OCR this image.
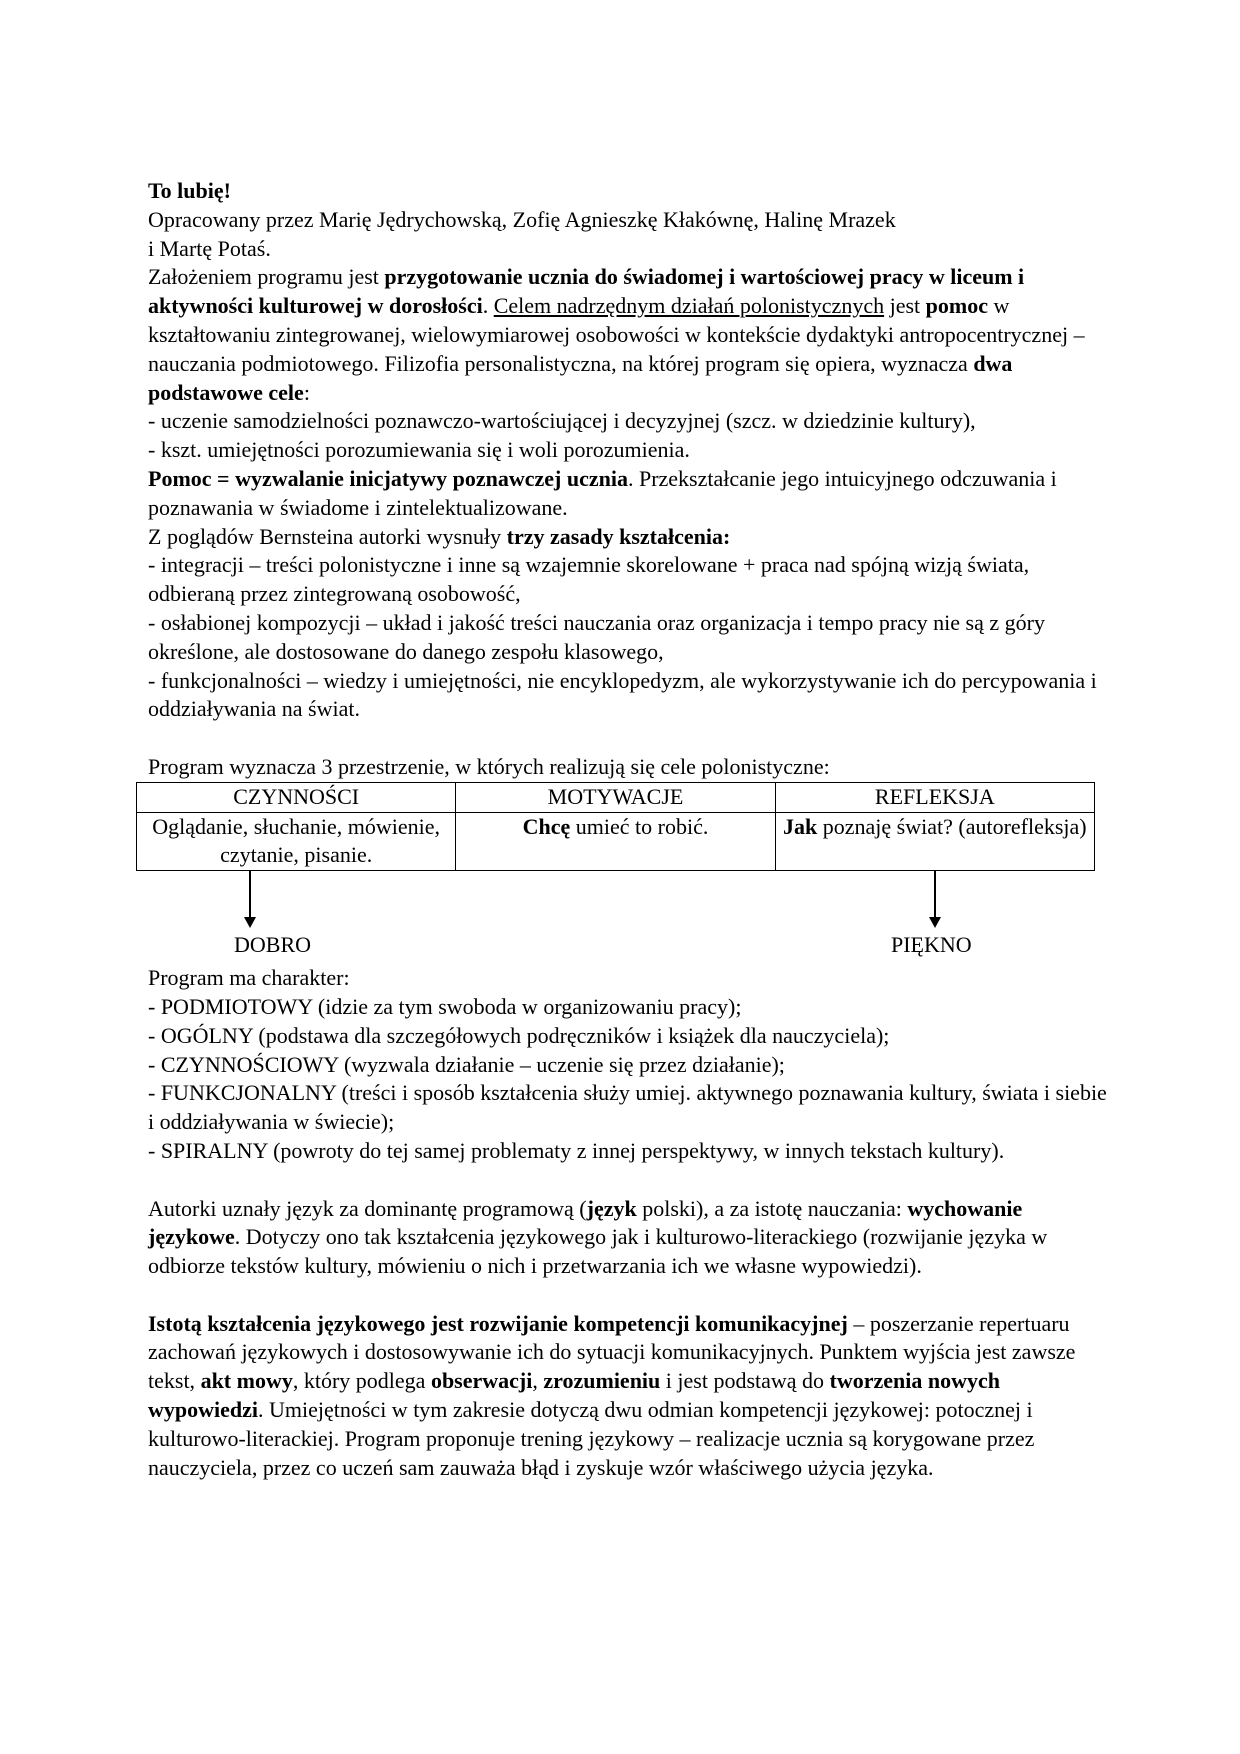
To lubię!

Opracowany przez Marię Jędrychowską, Zofię Agnieszkę Kłakównę, Halinę Mrazek

i Martę Potaś.

Założeniem programu jest przygotowanie ucznia do świadomej i wartościowej pracy w liceum i aktywności kulturowej w dorosłości. Celem nadrzędnym działań polonistycznych jest pomoc w kształtowaniu zintegrowanej, wielowymiarowej osobowości w kontekście dydaktyki antropocentrycznej – nauczania podmiotowego. Filizofia personalistyczna, na której program się opiera, wyznacza dwa podstawowe cele:

- uczenie samodzielności poznawczo-wartościującej i decyzyjnej (szcz. w dziedzinie kultury),

- kszt. umiejętności porozumiewania się i woli porozumienia.

Pomoc = wyzwalanie inicjatywy poznawczej ucznia. Przekształcanie jego intuicyjnego odczuwania i poznawania w świadome i zintelektualizowane.

Z poglądów Bernsteina autorki wysnuły trzy zasady kształcenia:

- integracji – treści polonistyczne i inne są wzajemnie skorelowane + praca nad spójną wizją świata, odbieraną przez zintegrowaną osobowość,

- osłabionej kompozycji – układ i jakość treści nauczania oraz organizacja i tempo pracy nie są z góry określone, ale dostosowane do danego zespołu klasowego,

- funkcjonalności – wiedzy i umiejętności, nie encyklopedyzm, ale wykorzystywanie ich do percypowania i oddziaływania na świat.

Program wyznacza 3 przestrzenie, w których realizują się cele polonistyczne:

CZYNNOŚCI	MOTYWACJE	REFLEKSJA
Oglądanie, słuchanie, mówienie, czytanie, pisanie.	Chcę umieć to robić.	Jak poznaję świat? (autorefleksja)
DOBRO	PIĘKNO

Program ma charakter:

- PODMIOTOWY (idzie za tym swoboda w organizowaniu pracy);

- OGÓLNY (podstawa dla szczegółowych podręczników i książek dla nauczyciela);

- CZYNNOŚCIOWY (wyzwala działanie – uczenie się przez działanie);

- FUNKCJONALNY (treści i sposób kształcenia służy umiej. aktywnego poznawania kultury, świata i siebie i oddziaływania w świecie);

- SPIRALNY (powroty do tej samej problematy z innej perspektywy, w innych tekstach kultury).

Autorki uznały język za dominantę programową (język polski), a za istotę nauczania: wychowanie językowe. Dotyczy ono tak kształcenia językowego jak i kulturowo-literackiego (rozwijanie języka w odbiorze tekstów kultury, mówieniu o nich i przetwarzania ich we własne wypowiedzi).

Istotą kształcenia językowego jest rozwijanie kompetencji komunikacyjnej – poszerzanie repertuaru zachowań językowych i dostosowywanie ich do sytuacji komunikacyjnych. Punktem wyjścia jest zawsze tekst, akt mowy, który podlega obserwacji, zrozumieniu i jest podstawą do tworzenia nowych wypowiedzi. Umiejętności w tym zakresie dotyczą dwu odmian kompetencji językowej: potocznej i kulturowo-literackiej. Program proponuje trening językowy – realizacje ucznia są korygowane przez nauczyciela, przez co uczeń sam zauważa błąd i zyskuje wzór właściwego użycia języka.
